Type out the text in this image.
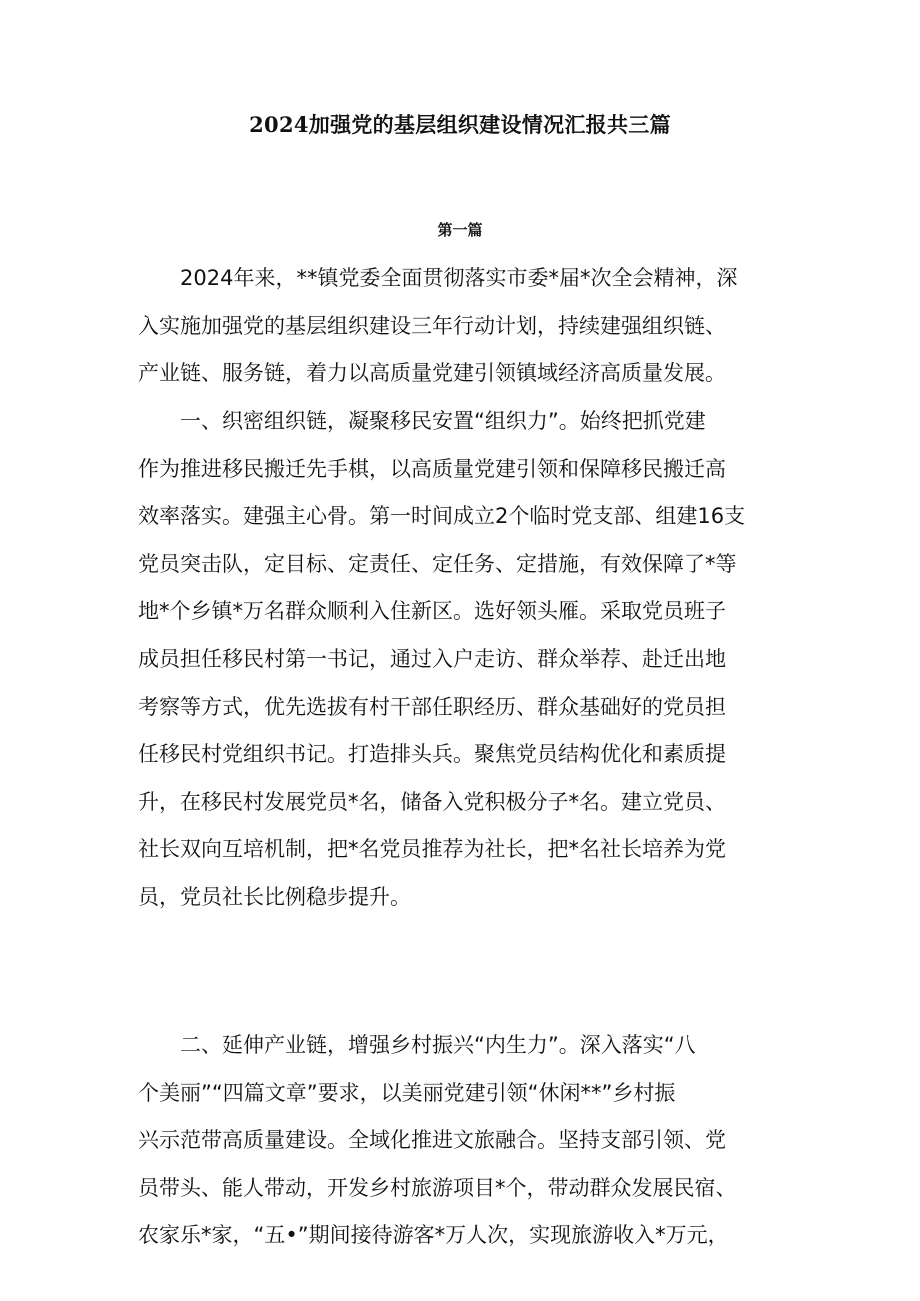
2024加强党的基层组织建设情况汇报共三篇
第一篇
2024年来，**镇党委全面贯彻落实市委*届*次全会精神，深
入实施加强党的基层组织建设三年行动计划，持续建强组织链、
产业链、服务链，着力以高质量党建引领镇域经济高质量发展。
一、织密组织链，凝聚移民安置“组织力”。始终把抓党建
作为推进移民搬迁先手棋，以高质量党建引领和保障移民搬迁高
效率落实。建强主心骨。第一时间成立2个临时党支部、组建16支
党员突击队，定目标、定责任、定任务、定措施，有效保障了*等
地*个乡镇*万名群众顺利入住新区。选好领头雁。采取党员班子
成员担任移民村第一书记，通过入户走访、群众举荐、赴迁出地
考察等方式，优先选拔有村干部任职经历、群众基础好的党员担
任移民村党组织书记。打造排头兵。聚焦党员结构优化和素质提
升，在移民村发展党员*名，储备入党积极分子*名。建立党员、
社长双向互培机制，把*名党员推荐为社长，把*名社长培养为党
员，党员社长比例稳步提升。
二、延伸产业链，增强乡村振兴“内生力”。深入落实“八
个美丽”“四篇文章”要求，以美丽党建引领“休闲**”乡村振
兴示范带高质量建设。全域化推进文旅融合。坚持支部引领、党
员带头、能人带动，开发乡村旅游项目*个，带动群众发展民宿、
农家乐*家，“五•”期间接待游客*万人次，实现旅游收入*万元，
